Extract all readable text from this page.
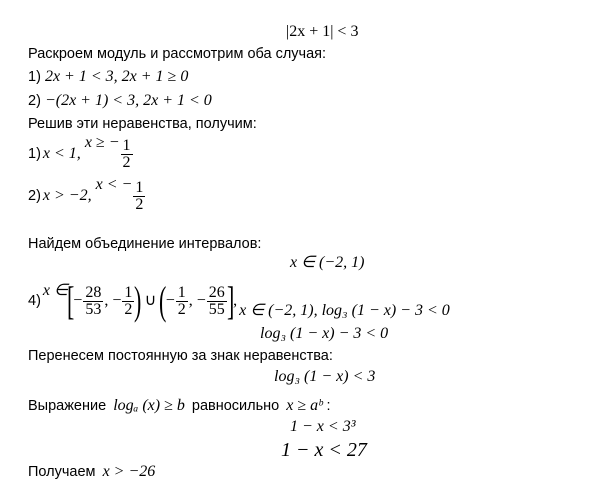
|2x + 1| < 3
Раскроем модуль и рассмотрим оба случая:
1) 2x + 1 < 3, 2x + 1 ≥ 0
2) −(2x + 1) < 3, 2x + 1 < 0
Решив эти неравенства, получим:
1) x < 1,
x ≥ − $\frac{1}{2}$
2) x > −2,
x < − $\frac{1}{2}$
Найдем объединение интервалов:
x ∈ (−2, 1)
4)
x ∈
[
− $\frac{28}{53}$ , − $\frac{1}{2}$ ) ∪ (
− $\frac{1}{2}$ , − $\frac{26}{55}$ ]
,
x ∈ (−2, 1), log₃ (1 − x) − 3 < 0
log₃ (1 − x) − 3 < 0
Перенесем постоянную за знак неравенства:
log₃ (1 − x) < 3
Выражение logₐ (x) ≥ b равносильно x ≥ aᵇ :
1 − x < 3³
1 − x < 27
Получаем x > −26
